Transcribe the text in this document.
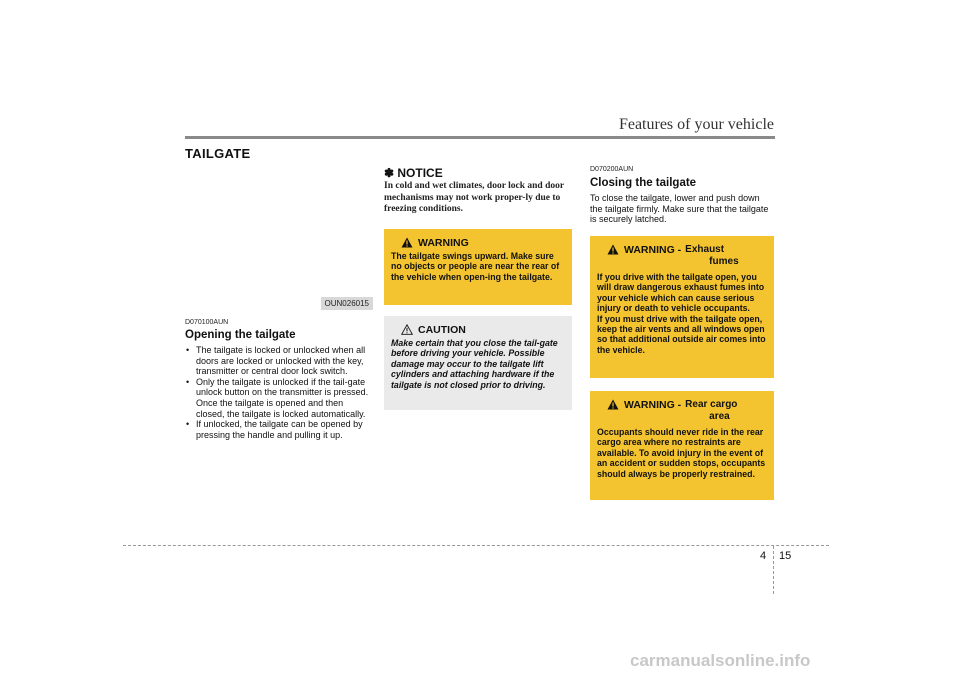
Features of your vehicle
TAILGATE
OUN026015
D070100AUN
Opening the tailgate
• The tailgate is locked or unlocked when all doors are locked or unlocked with the key, transmitter or central door lock switch.
• Only the tailgate is unlocked if the tail-gate unlock button on the transmitter is pressed. Once the tailgate is opened and then closed, the tailgate is locked automatically.
• If unlocked, the tailgate can be opened by pressing the handle and pulling it up.
✽ NOTICE
In cold and wet climates, door lock and door mechanisms may not work proper-ly due to freezing conditions.
WARNING
The tailgate swings upward. Make sure no objects or people are near the rear of the vehicle when open-ing the tailgate.
CAUTION
Make certain that you close the tail-gate before driving your vehicle. Possible damage may occur to the tailgate lift cylinders and attaching hardware if the tailgate is not closed prior to driving.
D070200AUN
Closing the tailgate
To close the tailgate, lower and push down the tailgate firmly. Make sure that the tailgate is securely latched.
WARNING - Exhaust
fumes
If you drive with the tailgate open, you will draw dangerous exhaust fumes into your vehicle which can cause serious injury or death to vehicle occupants.
If you must drive with the tailgate open, keep the air vents and all windows open so that additional outside air comes into the vehicle.
WARNING - Rear cargo
area
Occupants should never ride in the rear cargo area where no restraints are available. To avoid injury in the event of an accident or sudden stops, occupants should always be properly restrained.
4 15
carmanualsonline.info
